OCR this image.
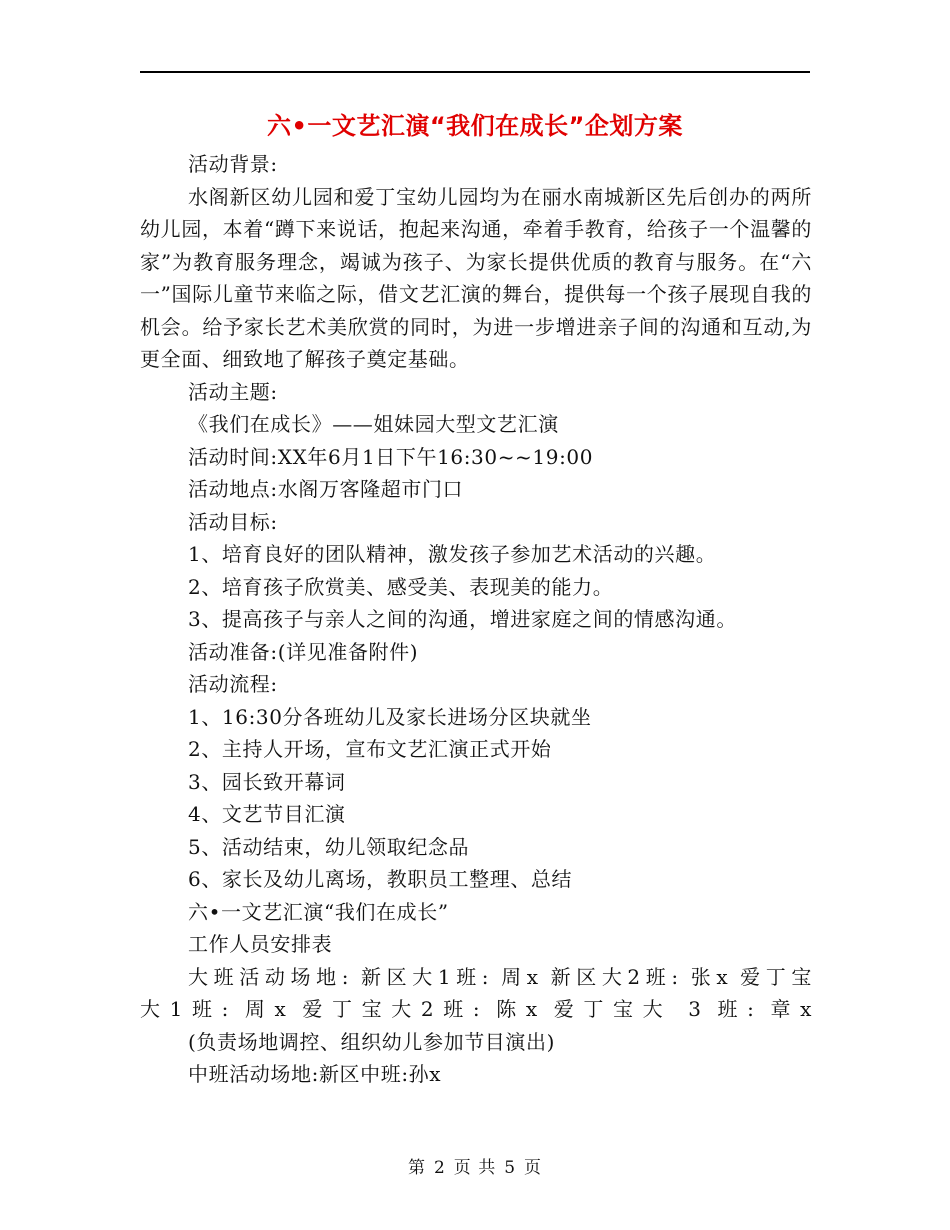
六•一文艺汇演“我们在成长”企划方案

活动背景:

水阁新区幼儿园和爱丁宝幼儿园均为在丽水南城新区先后创办的两所幼儿园，本着“蹲下来说话，抱起来沟通，牵着手教育，给孩子一个温馨的家”为教育服务理念，竭诚为孩子、为家长提供优质的教育与服务。在“六一”国际儿童节来临之际，借文艺汇演的舞台，提供每一个孩子展现自我的机会。给予家长艺术美欣赏的同时，为进一步增进亲子间的沟通和互动,为更全面、细致地了解孩子奠定基础。

活动主题:

《我们在成长》——姐妹园大型文艺汇演

活动时间:XX年6月1日下午16:30~~19:00

活动地点:水阁万客隆超市门口

活动目标:

1、培育良好的团队精神，激发孩子参加艺术活动的兴趣。

2、培育孩子欣赏美、感受美、表现美的能力。

3、提高孩子与亲人之间的沟通，增进家庭之间的情感沟通。

活动准备:(详见准备附件)

活动流程:

1、16:30分各班幼儿及家长进场分区块就坐

2、主持人开场，宣布文艺汇演正式开始

3、园长致开幕词

4、文艺节目汇演

5、活动结束，幼儿领取纪念品

6、家长及幼儿离场，教职员工整理、总结

六•一文艺汇演“我们在成长”

工作人员安排表

大班活动场地: 新区大1班: 周x 新区大2班: 张x 爱丁宝

大1班: 周x 爱丁宝大2班: 陈x 爱丁宝大 3 班: 章x

(负责场地调控、组织幼儿参加节目演出)

中班活动场地:新区中班:孙x

第 2 页 共 5 页
